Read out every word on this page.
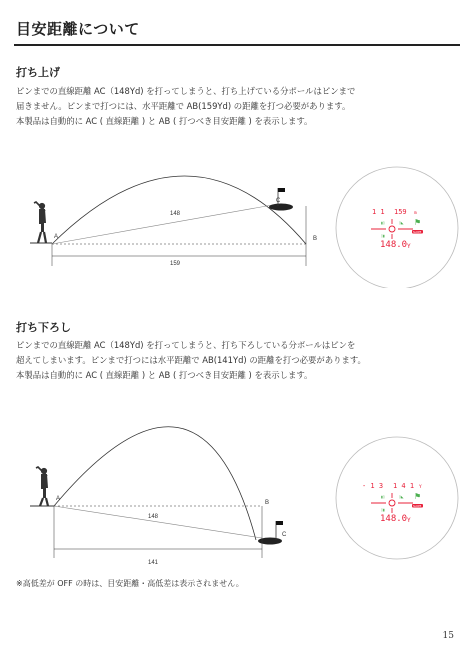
目安距離について
打ち上げ
ピンまでの直線距離 AC（148Yd) を打ってしまうと、打ち上げている分ポールはピンまで
届きません。ピンまで打つには、水平距離で AB(159Yd) の距離を打つ必要があります。
本製品は自動的に AC ( 直線距離 ) と AB ( 打つべき目安距離 ) を表示します。
A	B
C
148
159
1 1 159 m
▮▯
▯▮
▯◣ ⚑
SLOPE
148.0 Y
打ち下ろし
ピンまでの直線距離 AC（148Yd) を打ってしまうと、打ち下ろしている分ボールはピンを
超えてしまいます。ピンまで打つには水平距離で AB(141Yd) の距離を打つ必要があります。
本製品は自動的に AC ( 直線距離 ) と AB ( 打つべき目安距離 ) を表示します。
A
B
C
148
141
- 1 3 1 4 1 Y
▮▯
▯▮
▯◣ ⚑
SLOPE
148.0 Y
※高低差が OFF の時は、目安距離・高低差は表示されません。
15
